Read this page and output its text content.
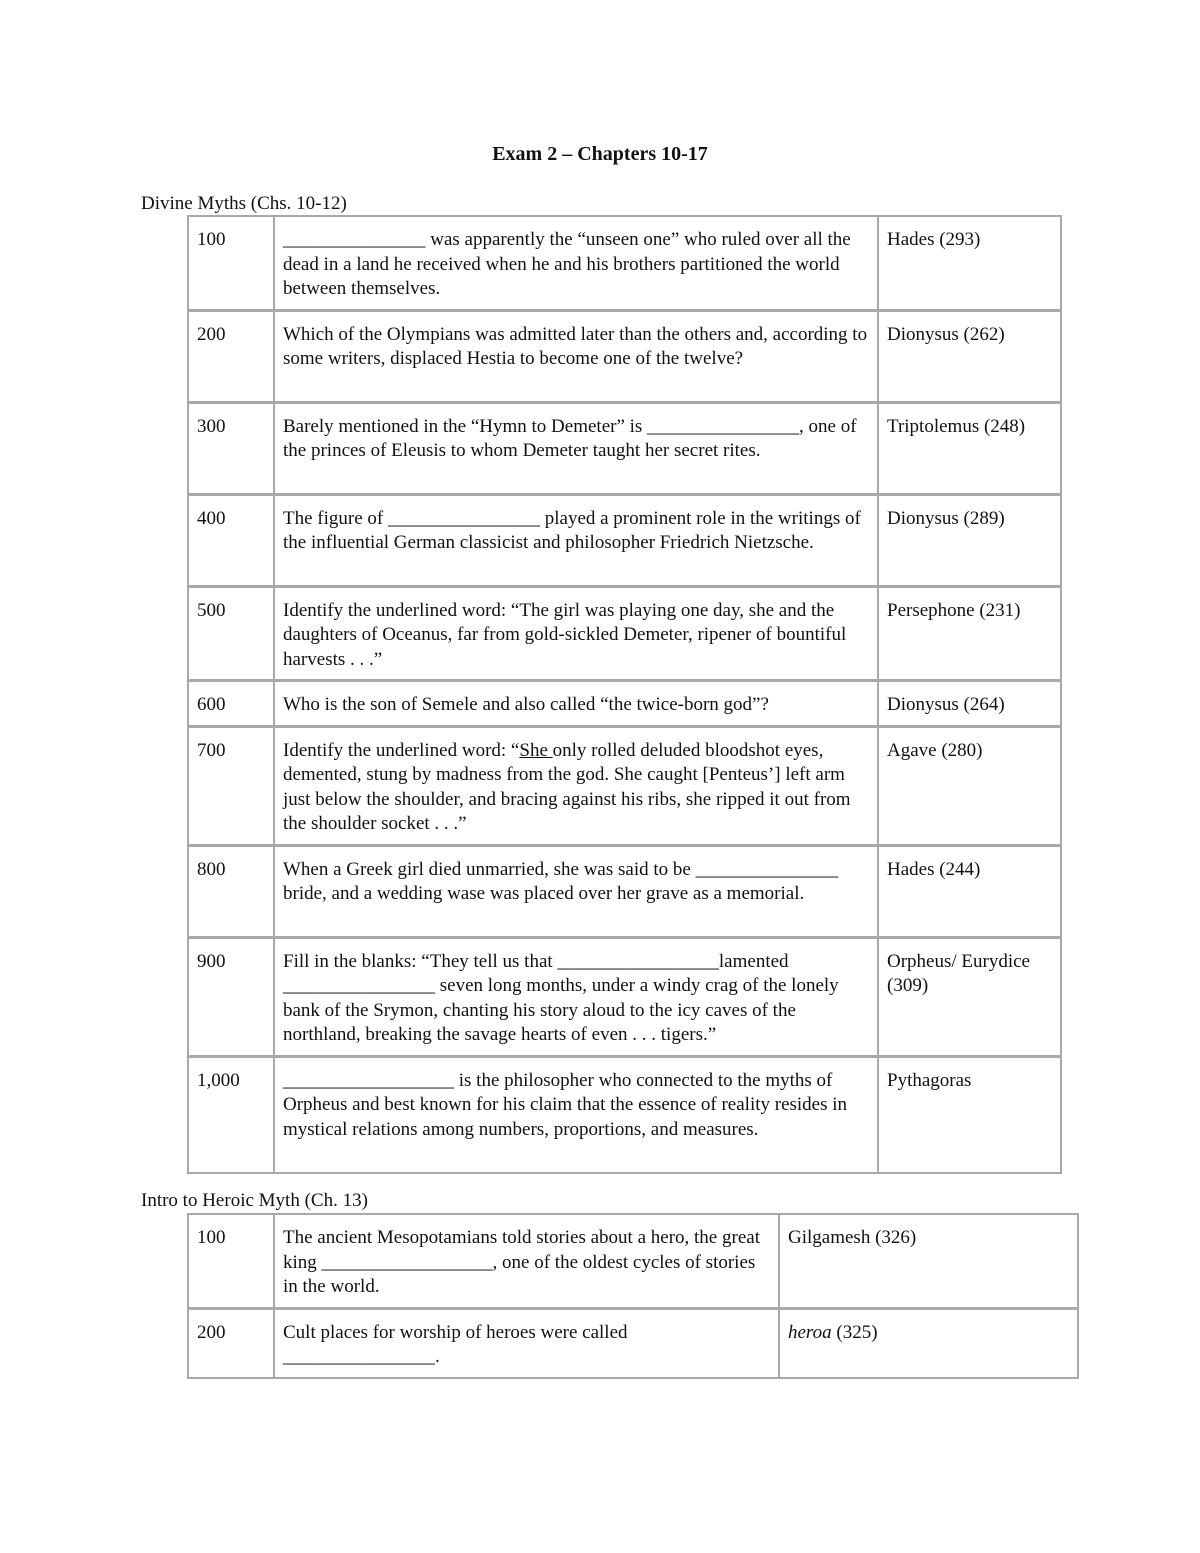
Exam 2 – Chapters 10-17
Divine Myths (Chs. 10-12)
100	_______________ was apparently the “unseen one” who ruled over all the dead in a land he received when he and his brothers partitioned the world between themselves.	Hades (293)
200	Which of the Olympians was admitted later than the others and, according to some writers, displaced Hestia to become one of the twelve?	Dionysus (262)
300	Barely mentioned in the “Hymn to Demeter” is ________________, one of the princes of Eleusis to whom Demeter taught her secret rites.	Triptolemus (248)
400	The figure of ________________ played a prominent role in the writings of the influential German classicist and philosopher Friedrich Nietzsche.	Dionysus (289)
500	Identify the underlined word: “The girl was playing one day, she and the daughters of Oceanus, far from gold-sickled Demeter, ripener of bountiful harvests . . .”	Persephone (231)
600	Who is the son of Semele and also called “the twice-born god”?	Dionysus (264)
700	Identify the underlined word: “She only rolled deluded bloodshot eyes, demented, stung by madness from the god. She caught [Penteus’] left arm just below the shoulder, and bracing against his ribs, she ripped it out from the shoulder socket . . .”	Agave (280)
800	When a Greek girl died unmarried, she was said to be _______________ bride, and a wedding wase was placed over her grave as a memorial.	Hades (244)
900	Fill in the blanks: “They tell us that _________________lamented ________________ seven long months, under a windy crag of the lonely bank of the Srymon, chanting his story aloud to the icy caves of the northland, breaking the savage hearts of even . . . tigers.”	Orpheus/ Eurydice (309)
1,000	__________________ is the philosopher who connected to the myths of Orpheus and best known for his claim that the essence of reality resides in mystical relations among numbers, proportions, and measures.	Pythagoras
Intro to Heroic Myth (Ch. 13)
100	The ancient Mesopotamians told stories about a hero, the great king __________________, one of the oldest cycles of stories in the world.	Gilgamesh (326)
200	Cult places for worship of heroes were called ________________.	heroa (325)
